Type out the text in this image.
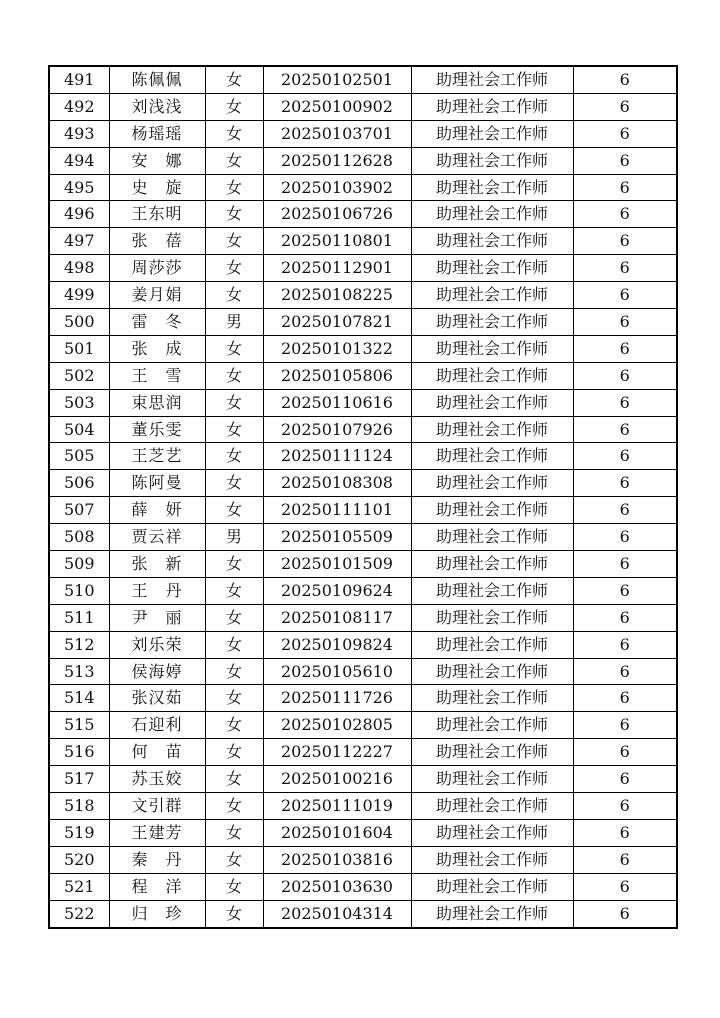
491	陈佩佩	女	20250102501	助理社会工作师	6
492	刘浅浅	女	20250100902	助理社会工作师	6
493	杨瑶瑶	女	20250103701	助理社会工作师	6
494	安　娜	女	20250112628	助理社会工作师	6
495	史　旋	女	20250103902	助理社会工作师	6
496	王东明	女	20250106726	助理社会工作师	6
497	张　蓓	女	20250110801	助理社会工作师	6
498	周莎莎	女	20250112901	助理社会工作师	6
499	姜月娟	女	20250108225	助理社会工作师	6
500	雷　冬	男	20250107821	助理社会工作师	6
501	张　成	女	20250101322	助理社会工作师	6
502	王　雪	女	20250105806	助理社会工作师	6
503	束思润	女	20250110616	助理社会工作师	6
504	董乐雯	女	20250107926	助理社会工作师	6
505	王芝艺	女	20250111124	助理社会工作师	6
506	陈阿曼	女	20250108308	助理社会工作师	6
507	薛　妍	女	20250111101	助理社会工作师	6
508	贾云祥	男	20250105509	助理社会工作师	6
509	张　新	女	20250101509	助理社会工作师	6
510	王　丹	女	20250109624	助理社会工作师	6
511	尹　丽	女	20250108117	助理社会工作师	6
512	刘乐荣	女	20250109824	助理社会工作师	6
513	侯海婷	女	20250105610	助理社会工作师	6
514	张汉茹	女	20250111726	助理社会工作师	6
515	石迎利	女	20250102805	助理社会工作师	6
516	何　苗	女	20250112227	助理社会工作师	6
517	苏玉姣	女	20250100216	助理社会工作师	6
518	文引群	女	20250111019	助理社会工作师	6
519	王建芳	女	20250101604	助理社会工作师	6
520	秦　丹	女	20250103816	助理社会工作师	6
521	程　洋	女	20250103630	助理社会工作师	6
522	归　珍	女	20250104314	助理社会工作师	6
